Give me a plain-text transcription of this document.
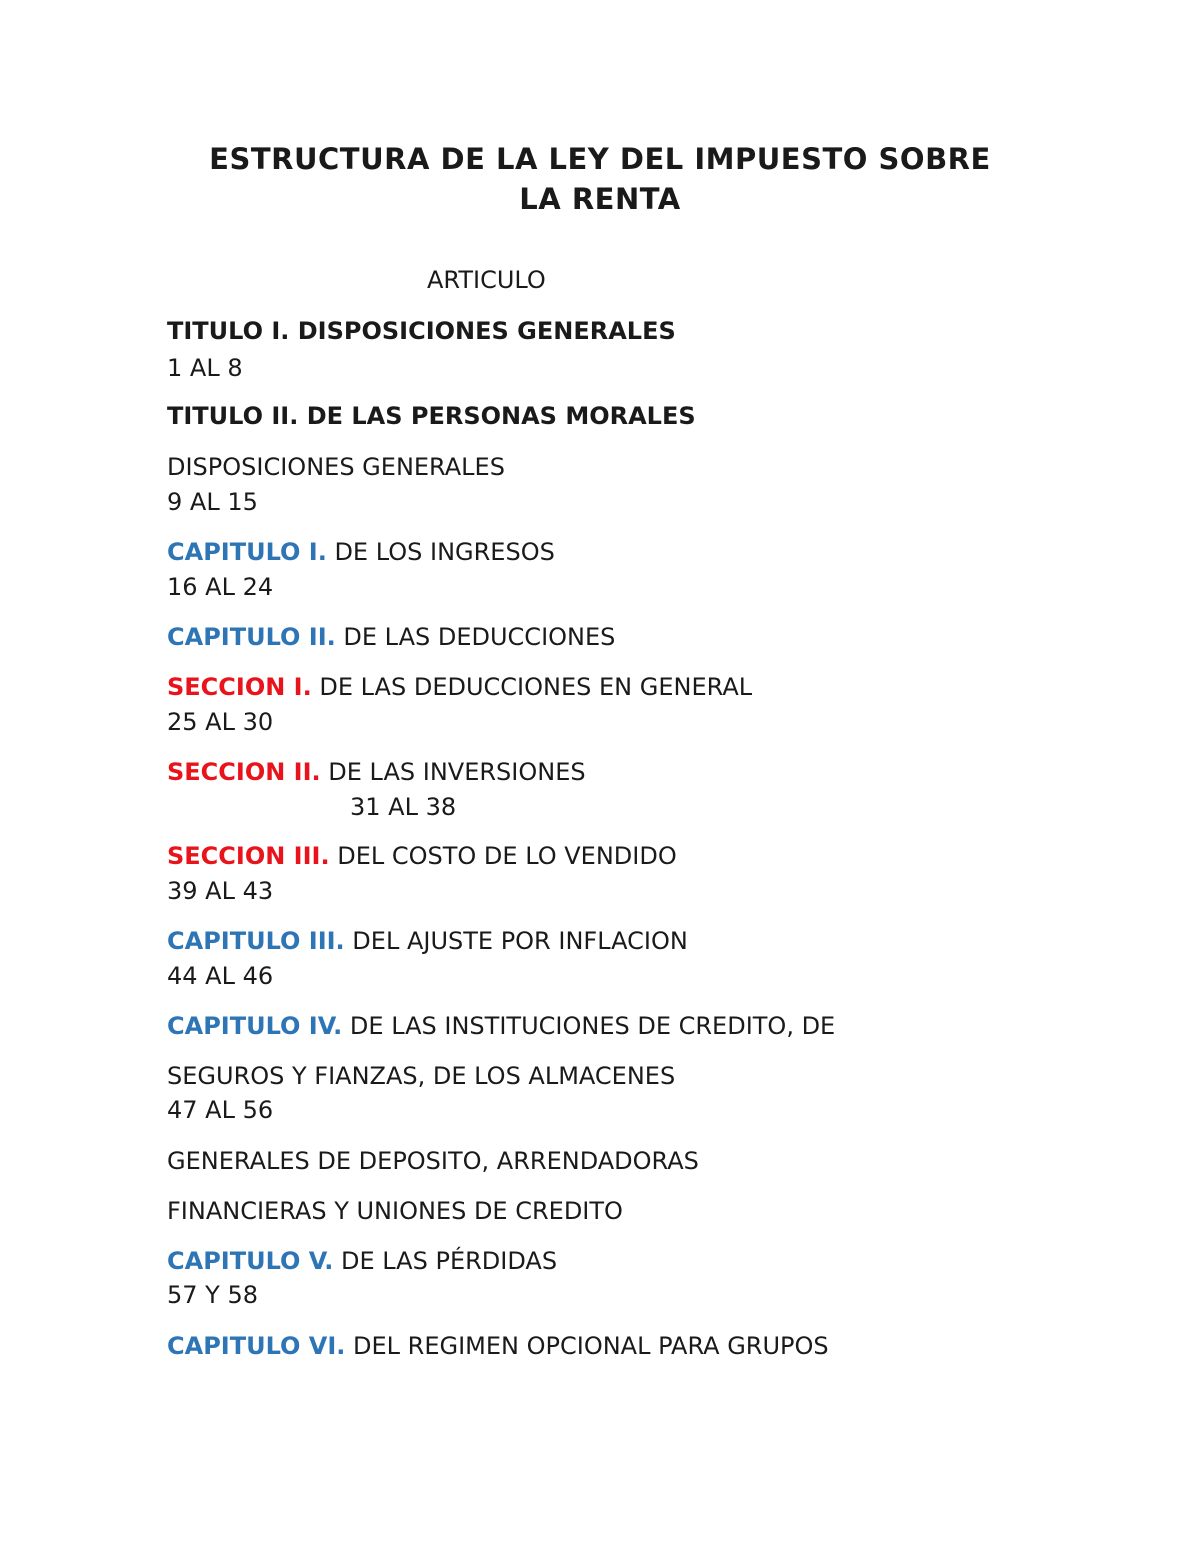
ESTRUCTURA DE LA LEY DEL IMPUESTO SOBRE
LA RENTA
ARTICULO
TITULO I. DISPOSICIONES GENERALES
1 AL 8
TITULO II. DE LAS PERSONAS MORALES
DISPOSICIONES GENERALES
9 AL 15
CAPITULO I. DE LOS INGRESOS
16 AL 24
CAPITULO II. DE LAS DEDUCCIONES
SECCION I. DE LAS DEDUCCIONES EN GENERAL
25 AL 30
SECCION II. DE LAS INVERSIONES
31 AL 38
SECCION III. DEL COSTO DE LO VENDIDO
39 AL 43
CAPITULO III. DEL AJUSTE POR INFLACION
44 AL 46
CAPITULO IV. DE LAS INSTITUCIONES DE CREDITO, DE
SEGUROS Y FIANZAS, DE LOS ALMACENES
47 AL 56
GENERALES DE DEPOSITO, ARRENDADORAS
FINANCIERAS Y UNIONES DE CREDITO
CAPITULO V. DE LAS PÉRDIDAS
57 Y 58
CAPITULO VI. DEL REGIMEN OPCIONAL PARA GRUPOS
